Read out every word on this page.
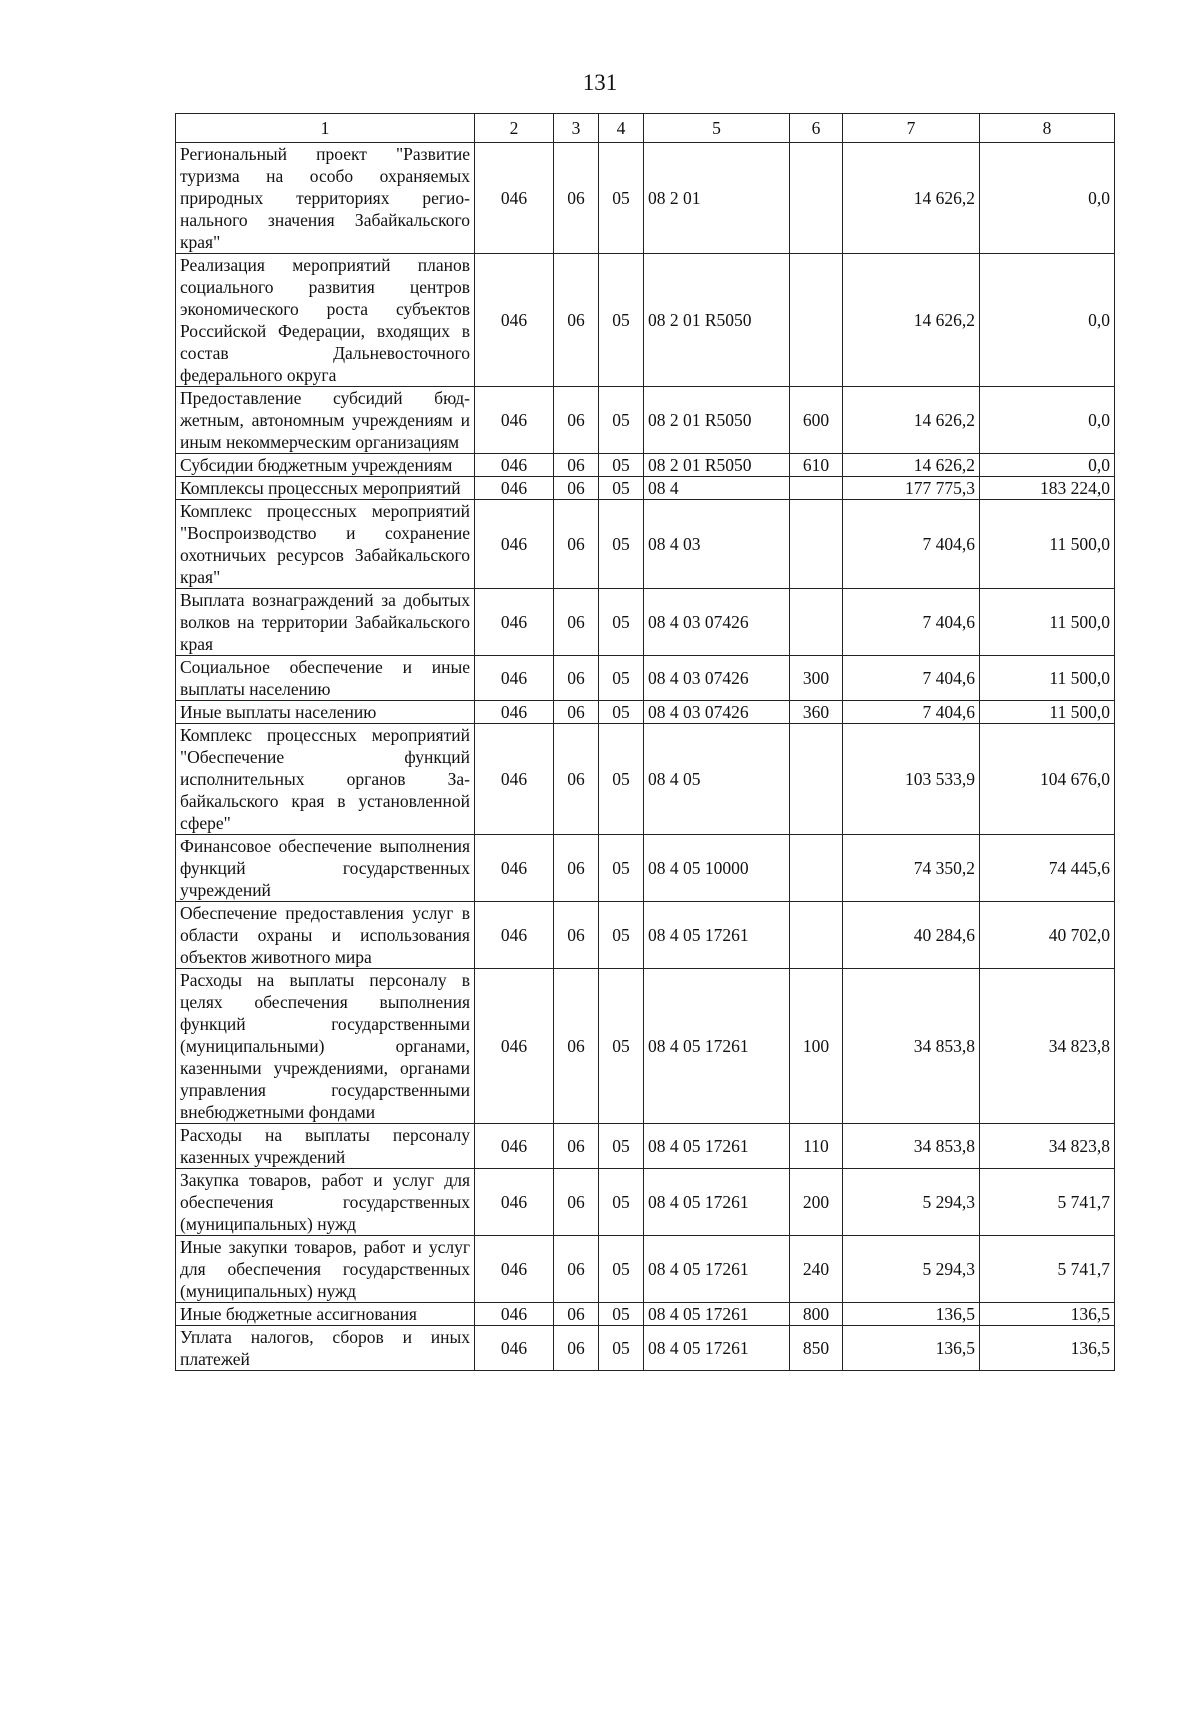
131
1	2	3	4	5	6	7	8
Региональный проект "Развитие туризма на особо охраняемых природных территориях регионального значения Забайкальского края"	046	06	05	08 2 01		14 626,2	0,0
Реализация мероприятий планов социального развития центров экономического роста субъектов Российской Федерации, входящих в состав Дальневосточного федерального округа	046	06	05	08 2 01 R5050		14 626,2	0,0
Предоставление субсидий бюджетным, автономным учреждениям и иным некоммерческим организациям	046	06	05	08 2 01 R5050	600	14 626,2	0,0
Субсидии бюджетным учреждениям	046	06	05	08 2 01 R5050	610	14 626,2	0,0
Комплексы процессных мероприятий	046	06	05	08 4		177 775,3	183 224,0
Комплекс процессных мероприятий "Воспроизводство и сохранение охотничьих ресурсов Забайкальского края"	046	06	05	08 4 03		7 404,6	11 500,0
Выплата вознаграждений за добытых волков на территории Забайкальского края	046	06	05	08 4 03 07426		7 404,6	11 500,0
Социальное обеспечение и иные выплаты населению	046	06	05	08 4 03 07426	300	7 404,6	11 500,0
Иные выплаты населению	046	06	05	08 4 03 07426	360	7 404,6	11 500,0
Комплекс процессных мероприятий "Обеспечение функций исполнительных органов Забайкальского края в установленной сфере"	046	06	05	08 4 05		103 533,9	104 676,0
Финансовое обеспечение выполнения функций государственных учреждений	046	06	05	08 4 05 10000		74 350,2	74 445,6
Обеспечение предоставления услуг в области охраны и использования объектов животного мира	046	06	05	08 4 05 17261		40 284,6	40 702,0
Расходы на выплаты персоналу в целях обеспечения выполнения функций государственными (муниципальными) органами, казенными учреждениями, органами управления государственными внебюджетными фондами	046	06	05	08 4 05 17261	100	34 853,8	34 823,8
Расходы на выплаты персоналу казенных учреждений	046	06	05	08 4 05 17261	110	34 853,8	34 823,8
Закупка товаров, работ и услуг для обеспечения государственных (муниципальных) нужд	046	06	05	08 4 05 17261	200	5 294,3	5 741,7
Иные закупки товаров, работ и услуг для обеспечения государственных (муниципальных) нужд	046	06	05	08 4 05 17261	240	5 294,3	5 741,7
Иные бюджетные ассигнования	046	06	05	08 4 05 17261	800	136,5	136,5
Уплата налогов, сборов и иных платежей	046	06	05	08 4 05 17261	850	136,5	136,5
